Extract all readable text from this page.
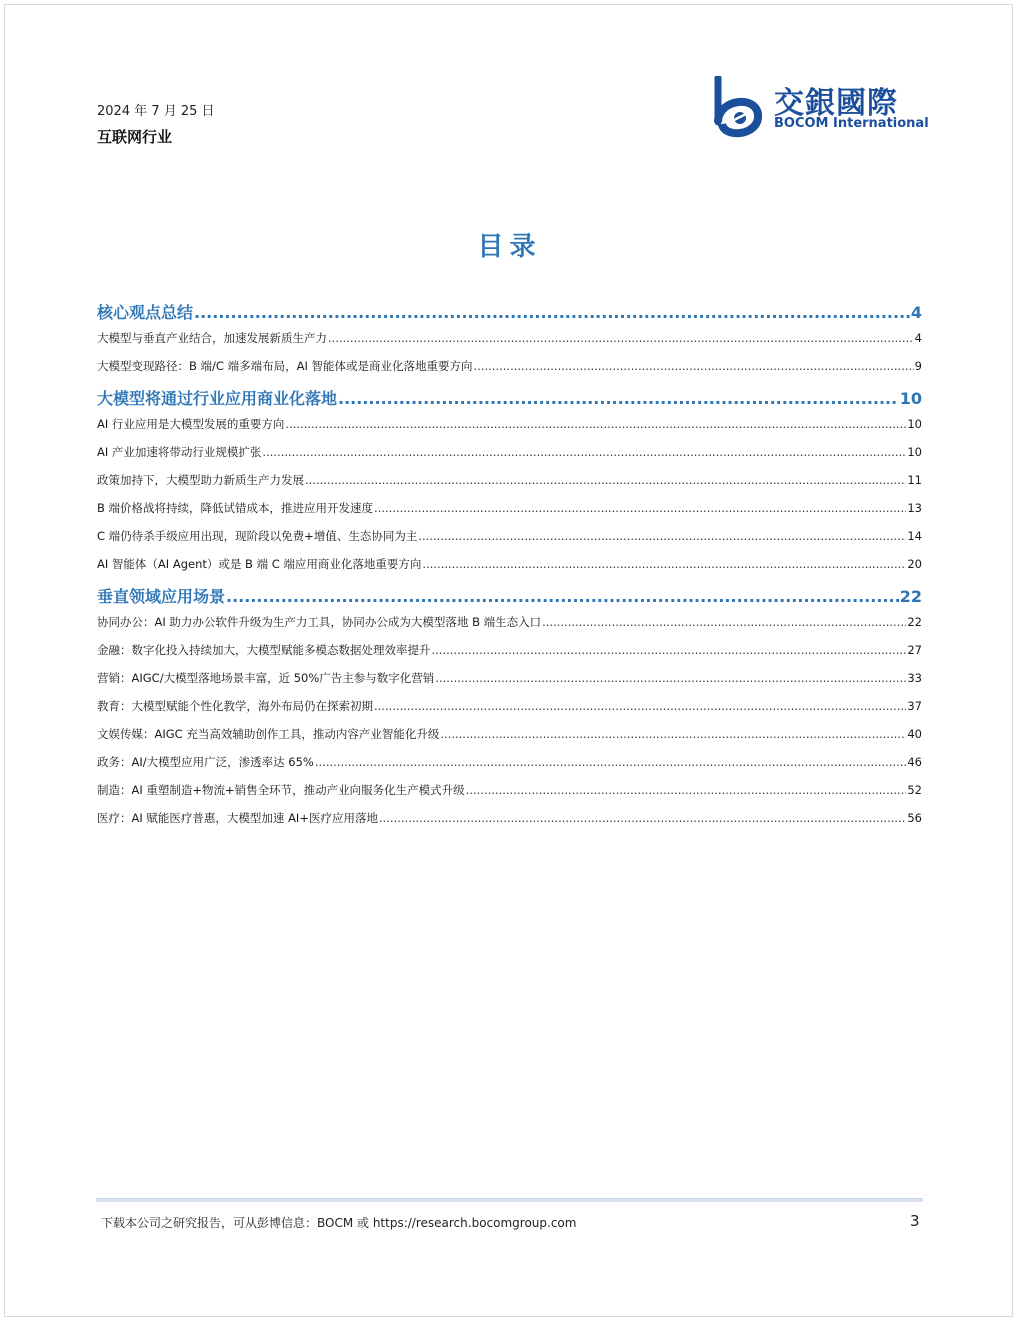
2024 年 7 月 25 日
互联网行业
交銀國際
BOCOM International
目录
核心观点总结 .....	4
大模型与垂直产业结合，加速发展新质生产力 .....	4
大模型变现路径：B 端/C 端多端布局，AI 智能体或是商业化落地重要方向 .....	9
大模型将通过行业应用商业化落地 .....	10
AI 行业应用是大模型发展的重要方向 .....	10
AI 产业加速将带动行业规模扩张 .....	10
政策加持下，大模型助力新质生产力发展 .....	11
B 端价格战将持续，降低试错成本，推进应用开发速度 .....	13
C 端仍待杀手级应用出现，现阶段以免费+增值、生态协同为主 .....	14
AI 智能体（AI Agent）或是 B 端 C 端应用商业化落地重要方向 .....	20
垂直领域应用场景 .....	22
协同办公：AI 助力办公软件升级为生产力工具，协同办公成为大模型落地 B 端生态入口 .....	22
金融：数字化投入持续加大，大模型赋能多模态数据处理效率提升 .....	27
营销：AIGC/大模型落地场景丰富，近 50%广告主参与数字化营销 .....	33
教育：大模型赋能个性化教学，海外布局仍在探索初期 .....	37
文娱传媒：AIGC 充当高效辅助创作工具，推动内容产业智能化升级 .....	40
政务：AI/大模型应用广泛，渗透率达 65% .....	46
制造：AI 重塑制造+物流+销售全环节，推动产业向服务化生产模式升级 .....	52
医疗：AI 赋能医疗普惠，大模型加速 AI+医疗应用落地 .....	56
下载本公司之研究报告，可从彭博信息：BOCM 或 https://research.bocomgroup.com	3
